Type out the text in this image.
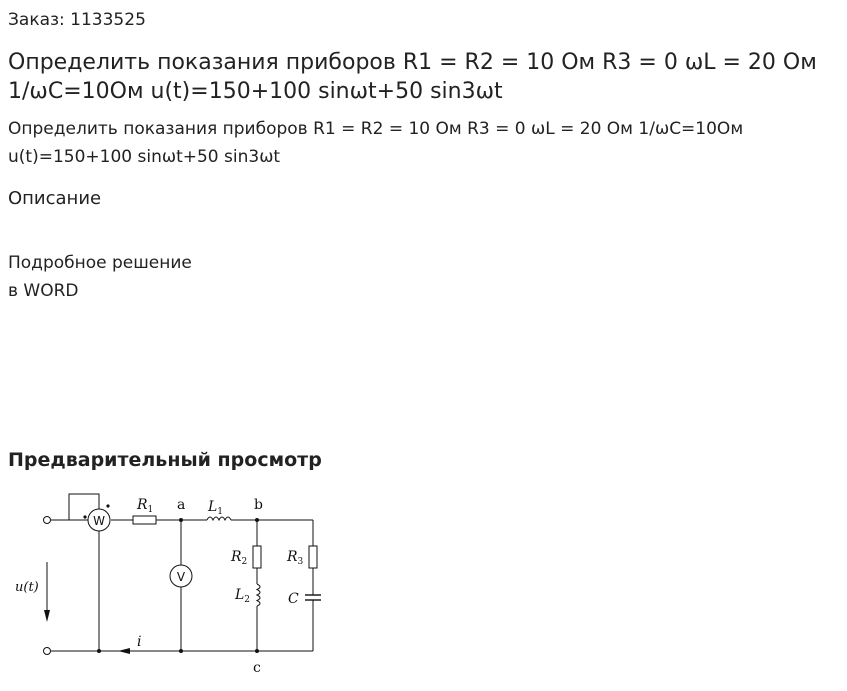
Заказ: 1133525
Определить показания приборов R1 = R2 = 10 Ом R3 = 0 ωL = 20 Ом 1/ωC=10Ом u(t)=150+100 sinωt+50 sin3ωt
Определить показания приборов R1 = R2 = 10 Ом R3 = 0 ωL = 20 Ом 1/ωC=10Ом u(t)=150+100 sinωt+50 sin3ωt
Описание
Подробное решение
в WORD
Предварительный просмотр
W
V
$R_1$	$L_1$
a	b
c
$R_2$
$L_2$
$R_3$
C
u(t)
i
